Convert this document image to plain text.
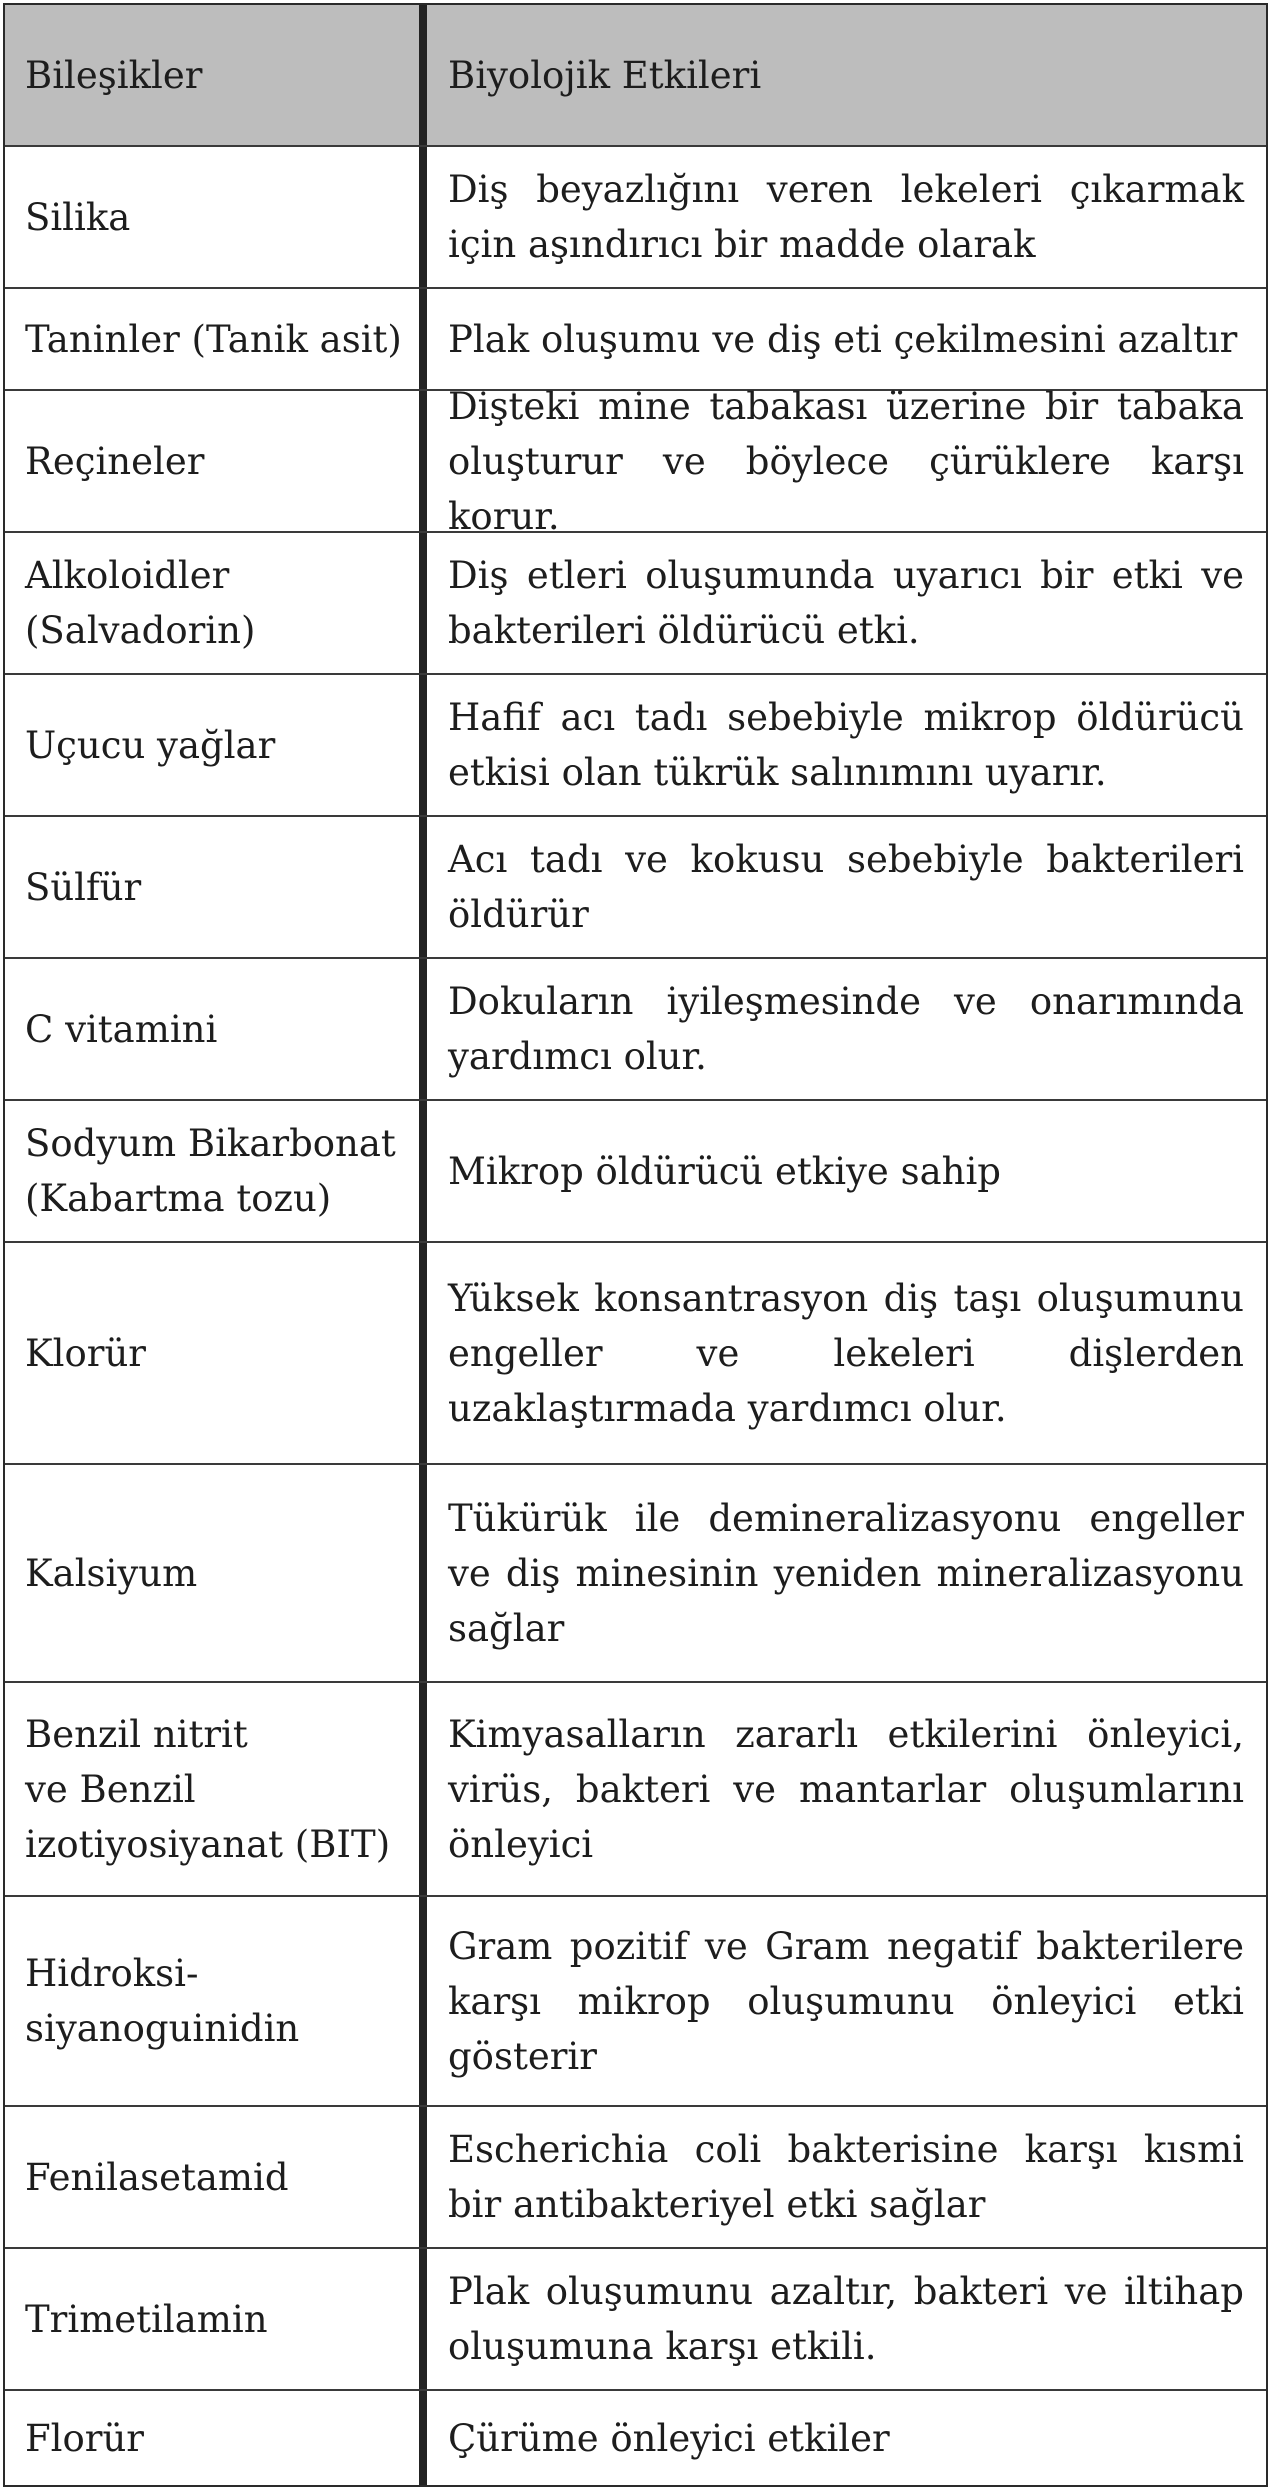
Bileşikler	Biyolojik Etkileri
Silika
Diş beyazlığını veren lekeleri çıkarmak için aşındırıcı bir madde olarak
Taninler (Tanik asit) Plak oluşumu ve diş eti çekilmesini azaltır
Reçineler
Dişteki mine tabakası üzerine bir tabaka oluşturur ve böylece çürüklere karşı korur.
Alkoloidler
(Salvadorin)
Diş etleri oluşumunda uyarıcı bir etki ve bakterileri öldürücü etki.
Uçucu yağlar
Hafif acı tadı sebebiyle mikrop öldürücü etkisi olan tükrük salınımını uyarır.
Sülfür
Acı tadı ve kokusu sebebiyle bakterileri öldürür
C vitamini
Dokuların iyileşmesinde ve onarımında yardımcı olur.
Sodyum Bikarbonat
(Kabartma tozu)
Mikrop öldürücü etkiye sahip
Klorür
Yüksek konsantrasyon diş taşı oluşumunu engeller ve lekeleri dişlerden uzaklaştırmada yardımcı olur.
Kalsiyum
Tükürük ile demineralizasyonu engeller ve diş minesinin yeniden mineralizasyonu sağlar
Benzil nitrit
ve Benzil
izotiyosiyanat (BIT)
Kimyasalların zararlı etkilerini önleyici, virüs, bakteri ve mantarlar oluşumlarını önleyici
Hidroksi-
siyanoguinidin
Gram pozitif ve Gram negatif bakterilere karşı mikrop oluşumunu önleyici etki gösterir
Fenilasetamid
Escherichia coli bakterisine karşı kısmi bir antibakteriyel etki sağlar
Trimetilamin
Plak oluşumunu azaltır, bakteri ve iltihap oluşumuna karşı etkili.
Florür	Çürüme önleyici etkiler
